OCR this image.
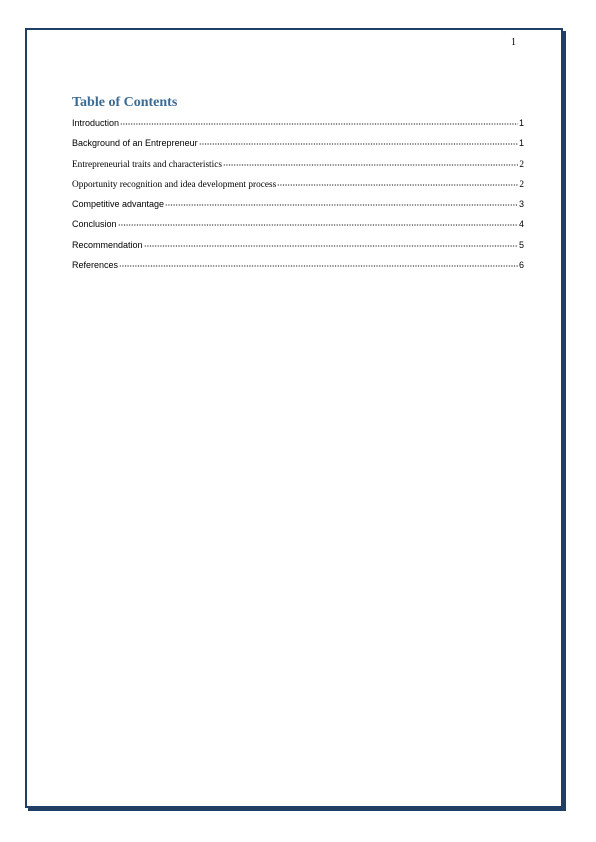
1
Table of Contents
Introduction	1
Background of an Entrepreneur	1
Entrepreneurial traits and characteristics	2
Opportunity recognition and idea development process	2
Competitive advantage	3
Conclusion	4
Recommendation	5
References	6
